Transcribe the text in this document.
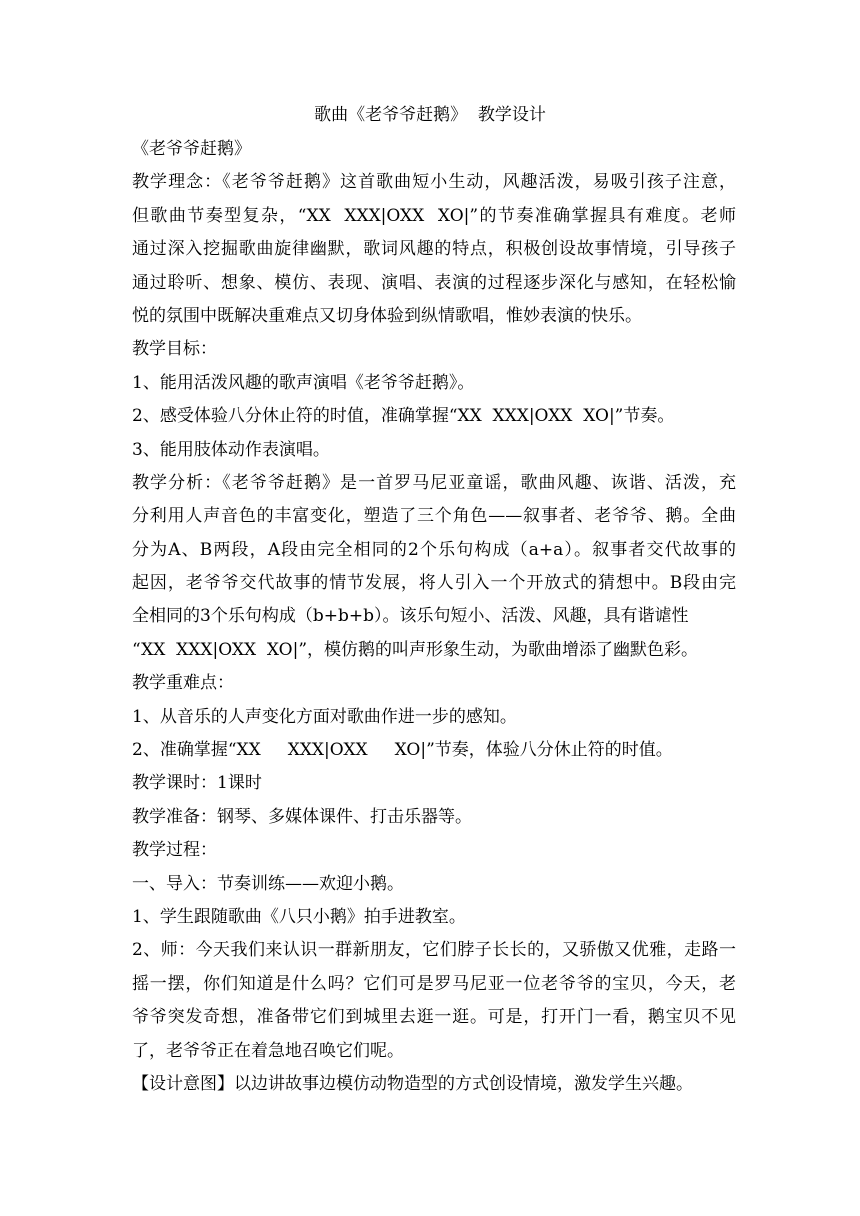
歌曲《老爷爷赶鹅》  教学设计
《老爷爷赶鹅》
教学理念：《老爷爷赶鹅》这首歌曲短小生动，风趣活泼，易吸引孩子注意，
但歌曲节奏型复杂，“XX  XXX|OXX  XO|”的节奏准确掌握具有难度。老师
通过深入挖掘歌曲旋律幽默，歌词风趣的特点，积极创设故事情境，引导孩子
通过聆听、想象、模仿、表现、演唱、表演的过程逐步深化与感知，在轻松愉
悦的氛围中既解决重难点又切身体验到纵情歌唱，惟妙表演的快乐。
教学目标：
1、能用活泼风趣的歌声演唱《老爷爷赶鹅》。
2、感受体验八分休止符的时值，准确掌握“XX  XXX|OXX  XO|”节奏。
3、能用肢体动作表演唱。
教学分析：《老爷爷赶鹅》是一首罗马尼亚童谣，歌曲风趣、诙谐、活泼，充
分利用人声音色的丰富变化，塑造了三个角色——叙事者、老爷爷、鹅。全曲
分为A、B两段，A段由完全相同的2个乐句构成（a+a）。叙事者交代故事的
起因，老爷爷交代故事的情节发展，将人引入一个开放式的猜想中。B段由完
全相同的3个乐句构成（b+b+b）。该乐句短小、活泼、风趣，具有谐谑性
“XX  XXX|OXX  XO|”，模仿鹅的叫声形象生动，为歌曲增添了幽默色彩。
教学重难点：
1、从音乐的人声变化方面对歌曲作进一步的感知。
2、准确掌握“XX     XXX|OXX     XO|”节奏，体验八分休止符的时值。
教学课时：1课时
教学准备：钢琴、多媒体课件、打击乐器等。
教学过程：
一、导入：节奏训练——欢迎小鹅。
1、学生跟随歌曲《八只小鹅》拍手进教室。
2、师：今天我们来认识一群新朋友，它们脖子长长的，又骄傲又优雅，走路一
摇一摆，你们知道是什么吗？它们可是罗马尼亚一位老爷爷的宝贝，今天，老
爷爷突发奇想，准备带它们到城里去逛一逛。可是，打开门一看，鹅宝贝不见
了，老爷爷正在着急地召唤它们呢。
【设计意图】以边讲故事边模仿动物造型的方式创设情境，激发学生兴趣。
